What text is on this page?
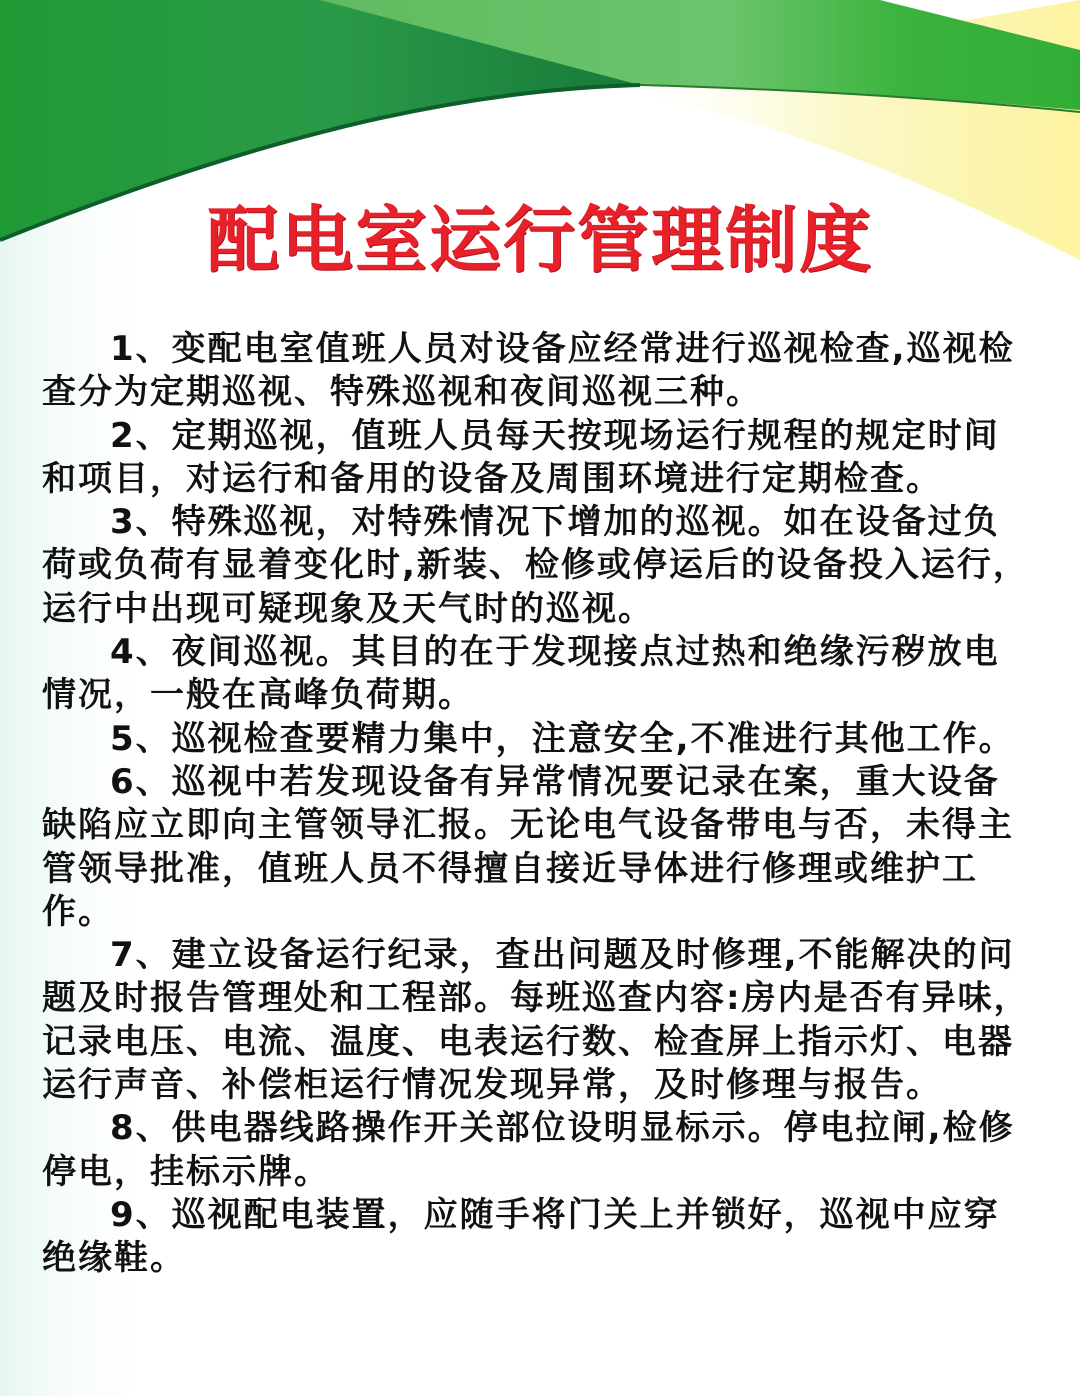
配电室运行管理制度

1、变配电室值班人员对设备应经常进行巡视检查,巡视检查分为定期巡视、特殊巡视和夜间巡视三种。

2、定期巡视，值班人员每天按现场运行规程的规定时间和项目，对运行和备用的设备及周围环境进行定期检查。

3、特殊巡视，对特殊情况下增加的巡视。如在设备过负荷或负荷有显着变化时,新装、检修或停运后的设备投入运行，运行中出现可疑现象及天气时的巡视。

4、夜间巡视。其目的在于发现接点过热和绝缘污秽放电情况，一般在高峰负荷期。

5、巡视检查要精力集中，注意安全,不准进行其他工作。

6、巡视中若发现设备有异常情况要记录在案，重大设备缺陷应立即向主管领导汇报。无论电气设备带电与否，未得主管领导批准，值班人员不得擅自接近导体进行修理或维护工作。

7、建立设备运行纪录，查出问题及时修理,不能解决的问题及时报告管理处和工程部。每班巡查内容:房内是否有异味，记录电压、电流、温度、电表运行数、检查屏上指示灯、电器运行声音、补偿柜运行情况发现异常，及时修理与报告。

8、供电器线路操作开关部位设明显标示。停电拉闸,检修停电，挂标示牌。

9、巡视配电装置，应随手将门关上并锁好，巡视中应穿绝缘鞋。
